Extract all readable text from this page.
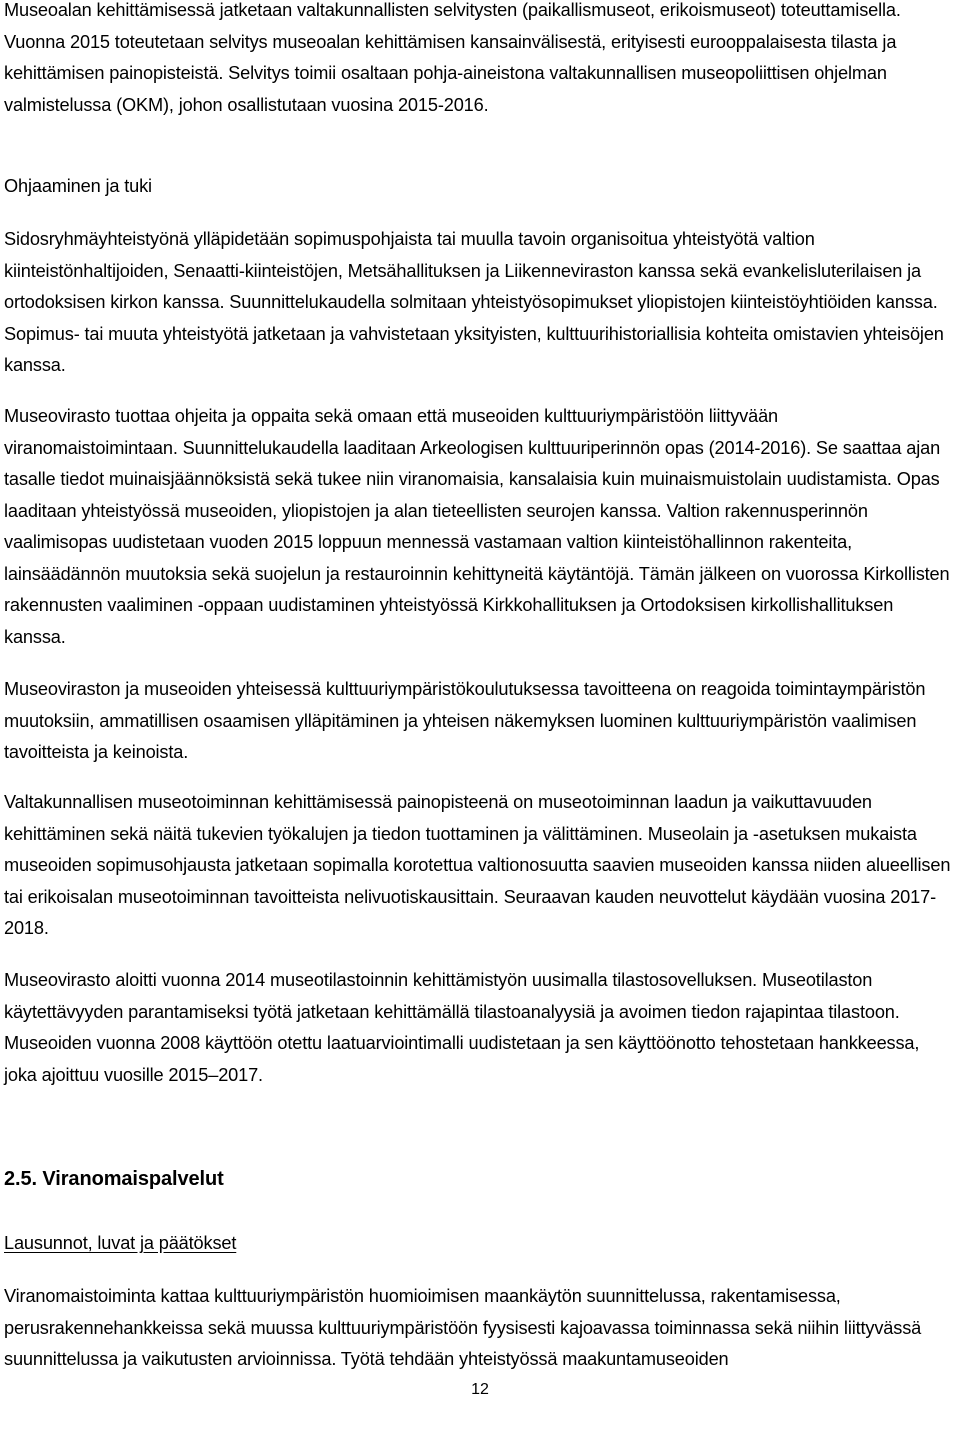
Museoalan kehittämisessä jatketaan valtakunnallisten selvitysten (paikallismuseot, erikoismuseot) toteuttamisella. Vuonna 2015 toteutetaan selvitys museoalan kehittämisen kansainvälisestä, erityisesti eurooppalaisesta tilasta ja kehittämisen painopisteistä. Selvitys toimii osaltaan pohja-aineistona valtakunnallisen museopoliittisen ohjelman valmistelussa (OKM), johon osallistutaan vuosina 2015-2016.

Ohjaaminen ja tuki

Sidosryhmäyhteistyönä ylläpidetään sopimuspohjaista tai muulla tavoin organisoitua yhteistyötä valtion kiinteistönhaltijoiden, Senaatti-kiinteistöjen, Metsähallituksen ja Liikenneviraston kanssa sekä evankelisluterilaisen ja ortodoksisen kirkon kanssa. Suunnittelukaudella solmitaan yhteistyösopimukset yliopistojen kiinteistöyhtiöiden kanssa. Sopimus- tai muuta yhteistyötä jatketaan ja vahvistetaan yksityisten, kulttuurihistoriallisia kohteita omistavien yhteisöjen kanssa.

Museovirasto tuottaa ohjeita ja oppaita sekä omaan että museoiden kulttuuriympäristöön liittyvään viranomaistoimintaan. Suunnittelukaudella laaditaan Arkeologisen kulttuuriperinnön opas (2014-2016). Se saattaa ajan tasalle tiedot muinaisjäännöksistä sekä tukee niin viranomaisia, kansalaisia kuin muinaismuistolain uudistamista. Opas laaditaan yhteistyössä museoiden, yliopistojen ja alan tieteellisten seurojen kanssa. Valtion rakennusperinnön vaalimisopas uudistetaan vuoden 2015 loppuun mennessä vastamaan valtion kiinteistöhallinnon rakenteita, lainsäädännön muutoksia sekä suojelun ja restauroinnin kehittyneitä käytäntöjä. Tämän jälkeen on vuorossa Kirkollisten rakennusten vaaliminen -oppaan uudistaminen yhteistyössä Kirkkohallituksen ja Ortodoksisen kirkollishallituksen kanssa.

Museoviraston ja museoiden yhteisessä kulttuuriympäristökoulutuksessa tavoitteena on reagoida toimintaympäristön muutoksiin, ammatillisen osaamisen ylläpitäminen ja yhteisen näkemyksen luominen kulttuuriympäristön vaalimisen tavoitteista ja keinoista.

Valtakunnallisen museotoiminnan kehittämisessä painopisteenä on museotoiminnan laadun ja vaikuttavuuden kehittäminen sekä näitä tukevien työkalujen ja tiedon tuottaminen ja välittäminen. Museolain ja -asetuksen mukaista museoiden sopimusohjausta jatketaan sopimalla korotettua valtionosuutta saavien museoiden kanssa niiden alueellisen tai erikoisalan museotoiminnan tavoitteista nelivuotiskausittain. Seuraavan kauden neuvottelut käydään vuosina 2017-2018.

Museovirasto aloitti vuonna 2014 museotilastoinnin kehittämistyön uusimalla tilastosovelluksen. Museotilaston käytettävyyden parantamiseksi työtä jatketaan kehittämällä tilastoanalyysiä ja avoimen tiedon rajapintaa tilastoon. Museoiden vuonna 2008 käyttöön otettu laatuarviointimalli uudistetaan ja sen käyttöönotto tehostetaan hankkeessa, joka ajoittuu vuosille 2015–2017.

2.5. Viranomaispalvelut

Lausunnot, luvat ja päätökset

Viranomaistoiminta kattaa kulttuuriympäristön huomioimisen maankäytön suunnittelussa, rakentamisessa, perusrakennehankkeissa sekä muussa kulttuuriympäristöön fyysisesti kajoavassa toiminnassa sekä niihin liittyvässä suunnittelussa ja vaikutusten arvioinnissa. Työtä tehdään yhteistyössä maakuntamuseoiden

12
